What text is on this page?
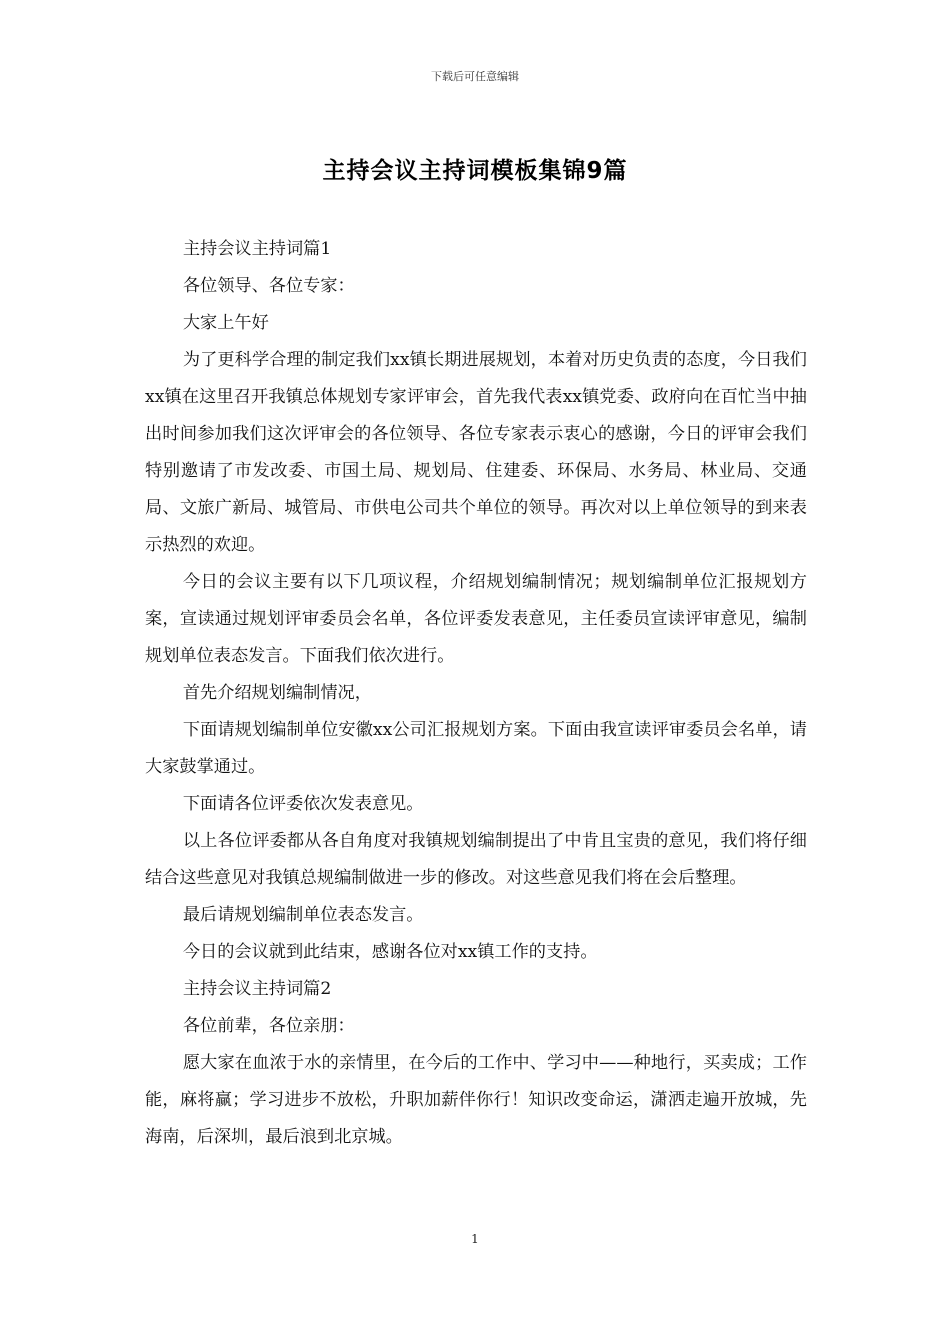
下载后可任意编辑
主持会议主持词模板集锦9篇

主持会议主持词篇1

各位领导、各位专家：

大家上午好

为了更科学合理的制定我们xx镇长期进展规划，本着对历史负责的态度，今日我们xx镇在这里召开我镇总体规划专家评审会，首先我代表xx镇党委、政府向在百忙当中抽出时间参加我们这次评审会的各位领导、各位专家表示衷心的感谢，今日的评审会我们特别邀请了市发改委、市国土局、规划局、住建委、环保局、水务局、林业局、交通局、文旅广新局、城管局、市供电公司共个单位的领导。再次对以上单位领导的到来表示热烈的欢迎。

今日的会议主要有以下几项议程，介绍规划编制情况；规划编制单位汇报规划方案，宣读通过规划评审委员会名单，各位评委发表意见，主任委员宣读评审意见，编制规划单位表态发言。下面我们依次进行。

首先介绍规划编制情况，

下面请规划编制单位安徽xx公司汇报规划方案。下面由我宣读评审委员会名单，请大家鼓掌通过。

下面请各位评委依次发表意见。

以上各位评委都从各自角度对我镇规划编制提出了中肯且宝贵的意见，我们将仔细结合这些意见对我镇总规编制做进一步的修改。对这些意见我们将在会后整理。

最后请规划编制单位表态发言。

今日的会议就到此结束，感谢各位对xx镇工作的支持。

主持会议主持词篇2

各位前辈，各位亲朋：

愿大家在血浓于水的亲情里，在今后的工作中、学习中——种地行，买卖成；工作能，麻将赢；学习进步不放松，升职加薪伴你行！知识改变命运，潇洒走遍开放城，先海南，后深圳，最后浪到北京城。

1
